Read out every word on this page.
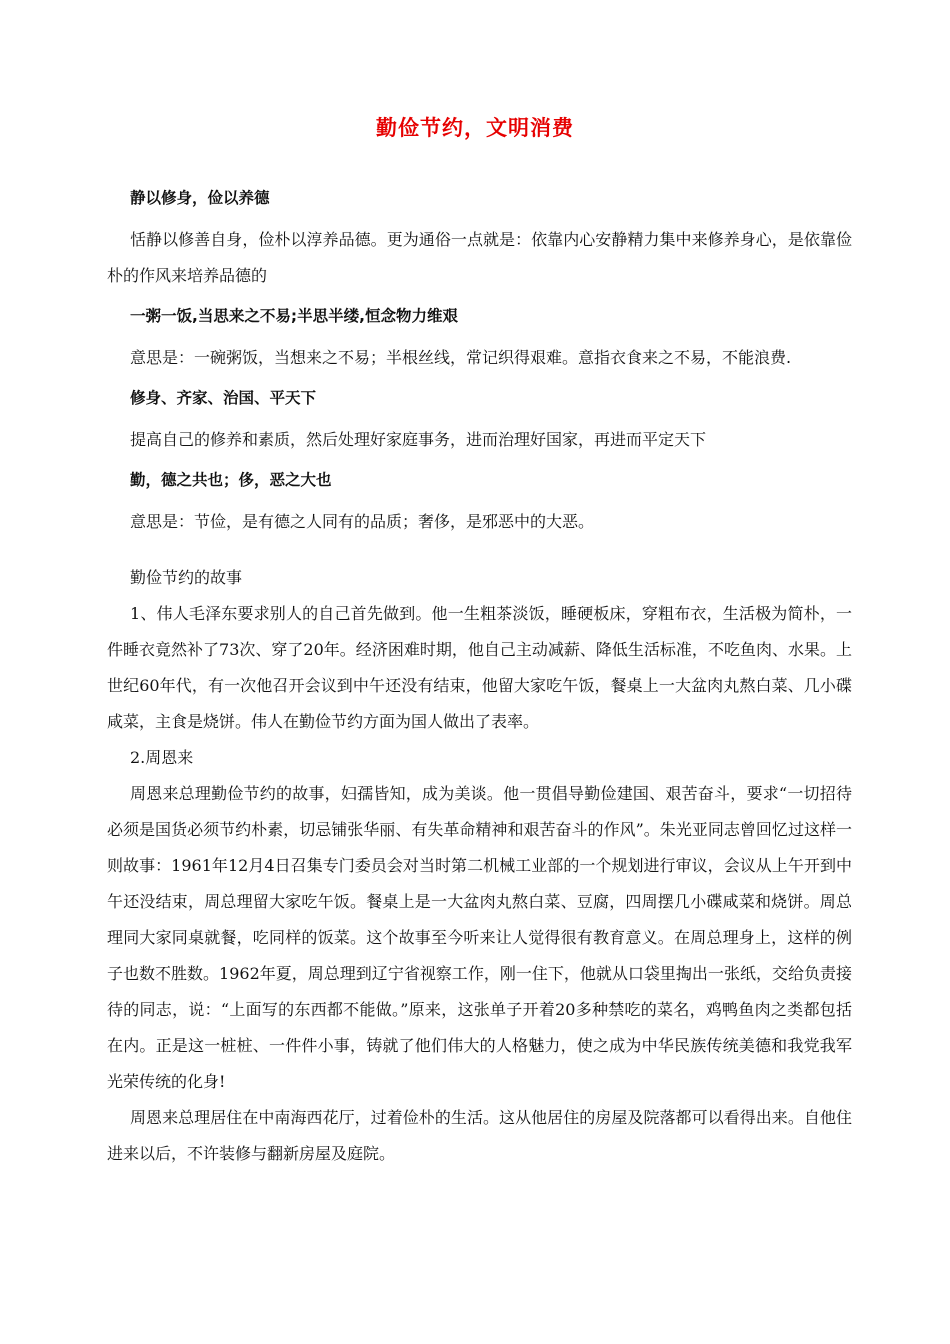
勤俭节约，文明消费
静以修身，俭以养德
恬静以修善自身，俭朴以淳养品德。更为通俗一点就是：依靠内心安静精力集中来修养身心，是依靠俭朴的作风来培养品德的
一粥一饭,当思来之不易;半思半缕,恒念物力维艰
意思是：一碗粥饭，当想来之不易；半根丝线，常记织得艰难。意指衣食来之不易，不能浪费.
修身、齐家、治国、平天下
提高自己的修养和素质，然后处理好家庭事务，进而治理好国家，再进而平定天下
勤，德之共也；侈，恶之大也
意思是：节俭，是有德之人同有的品质；奢侈，是邪恶中的大恶。
勤俭节约的故事
1、伟人毛泽东要求别人的自己首先做到。他一生粗茶淡饭，睡硬板床，穿粗布衣，生活极为简朴，一件睡衣竟然补了73次、穿了20年。经济困难时期，他自己主动减薪、降低生活标准，不吃鱼肉、水果。上世纪60年代，有一次他召开会议到中午还没有结束，他留大家吃午饭，餐桌上一大盆肉丸熬白菜、几小碟咸菜，主食是烧饼。伟人在勤俭节约方面为国人做出了表率。
2.周恩来
周恩来总理勤俭节约的故事，妇孺皆知，成为美谈。他一贯倡导勤俭建国、艰苦奋斗，要求“一切招待必须是国货必须节约朴素，切忌铺张华丽、有失革命精神和艰苦奋斗的作风”。朱光亚同志曾回忆过这样一则故事：1961年12月4日召集专门委员会对当时第二机械工业部的一个规划进行审议，会议从上午开到中午还没结束，周总理留大家吃午饭。餐桌上是一大盆肉丸熬白菜、豆腐，四周摆几小碟咸菜和烧饼。周总理同大家同桌就餐，吃同样的饭菜。这个故事至今听来让人觉得很有教育意义。在周总理身上，这样的例子也数不胜数。1962年夏，周总理到辽宁省视察工作，刚一住下，他就从口袋里掏出一张纸，交给负责接待的同志，说：“上面写的东西都不能做。”原来，这张单子开着20多种禁吃的菜名，鸡鸭鱼肉之类都包括在内。正是这一桩桩、一件件小事，铸就了他们伟大的人格魅力，使之成为中华民族传统美德和我党我军光荣传统的化身!
周恩来总理居住在中南海西花厅，过着俭朴的生活。这从他居住的房屋及院落都可以看得出来。自他住进来以后，不许装修与翻新房屋及庭院。
